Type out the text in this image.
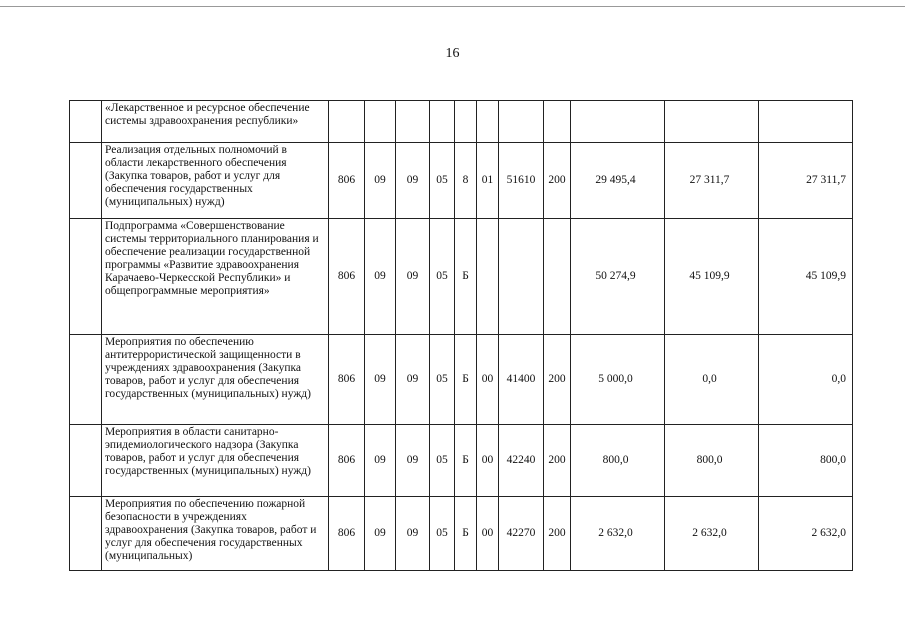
16
	«Лекарственное и ресурсное обеспечение системы здравоохранения республики»											
	Реализация отдельных полномочий в области лекарственного обеспечения (Закупка товаров, работ и услуг для обеспечения государственных (муниципальных) нужд)	806	09	09	05	8	01	51610	200	29 495,4	27 311,7	27 311,7
	Подпрограмма «Совершенствование системы территориального планирования и обеспечение реализации государственной программы «Развитие здравоохранения Карачаево-Черкесской Республики» и общепрограммные мероприятия»	806	09	09	05	Б				50 274,9	45 109,9	45 109,9
	Мероприятия по обеспечению антитеррористической защищенности в учреждениях здравоохранения (Закупка товаров, работ и услуг для обеспечения государственных (муниципальных) нужд)	806	09	09	05	Б	00	41400	200	5 000,0	0,0	0,0
	Мероприятия в области санитарно-эпидемиологического надзора (Закупка товаров, работ и услуг для обеспечения государственных (муниципальных) нужд)	806	09	09	05	Б	00	42240	200	800,0	800,0	800,0
	Мероприятия по обеспечению пожарной безопасности в учреждениях здравоохранения (Закупка товаров, работ и услуг для обеспечения государственных (муниципальных)	806	09	09	05	Б	00	42270	200	2 632,0	2 632,0	2 632,0
